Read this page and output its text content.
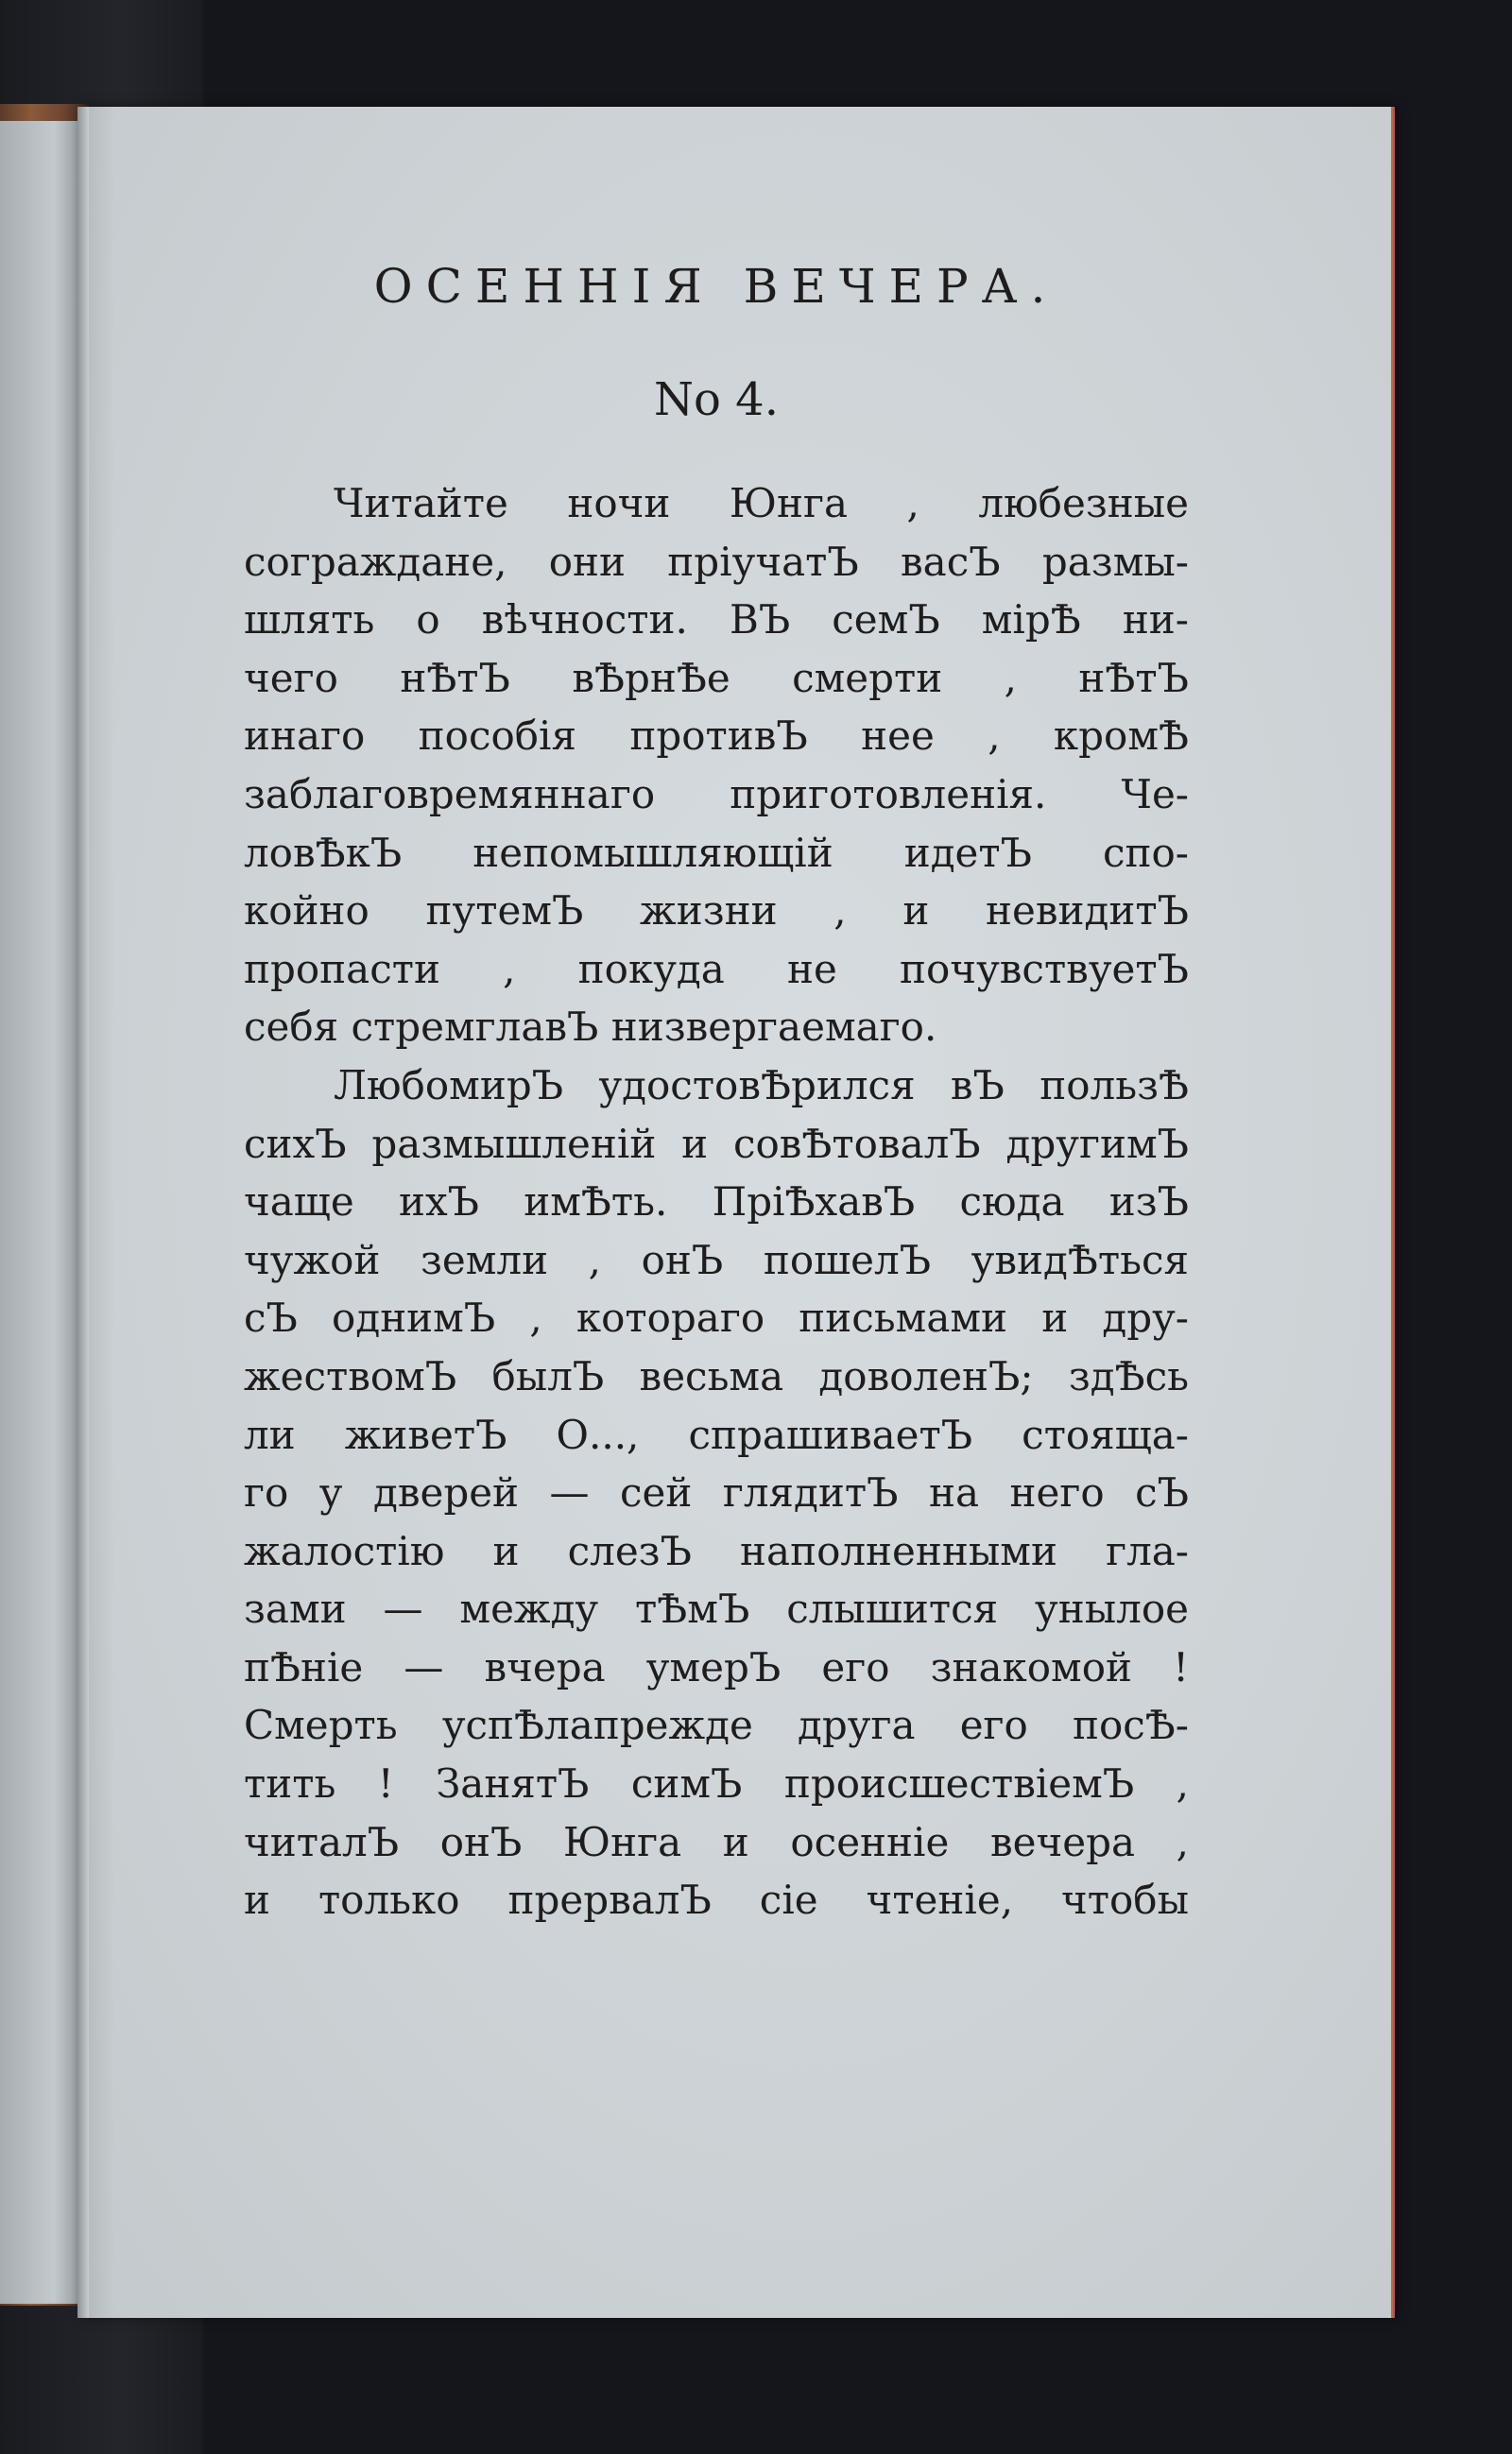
ОСЕННІЯ ВЕЧЕРА.
No 4.
Читайте ночи Юнга , любезные
сограждане, они пріучатЪ васЪ размы-
шлять о вѣчности. ВЪ семЪ мірѢ ни-
чего нѢтЪ вѢрнѢе смерти , нѢтЪ
инаго пособія противЪ нее , кромѢ
заблаговремяннаго приготовленія. Че-
ловѢкЪ непомышляющій идетЪ спо-
койно путемЪ жизни , и невидитЪ
пропасти , покуда не почувствуетЪ
себя стремглавЪ низвергаемаго.
ЛюбомирЪ удостовѢрился вЪ пользѢ
сихЪ размышленій и совѢтовалЪ другимЪ
чаще ихЪ имѢть. ПріѢхавЪ сюда изЪ
чужой земли , онЪ пошелЪ увидѢться
сЪ однимЪ , котораго письмами и дру-
жествомЪ былЪ весьма доволенЪ; здѢсь
ли живетЪ О..., спрашиваетЪ стояща-
го у дверей — сей глядитЪ на него сЪ
жалостію и слезЪ наполненными гла-
зами — между тѢмЪ слышится унылое
пѢніе — вчера умерЪ его знакомой !
Смерть успѢлапрежде друга его посѢ-
тить ! ЗанятЪ симЪ происшествіемЪ ,
читалЪ онЪ Юнга и осенніе вечера ,
и только прервалЪ сіе чтеніе, чтобы
